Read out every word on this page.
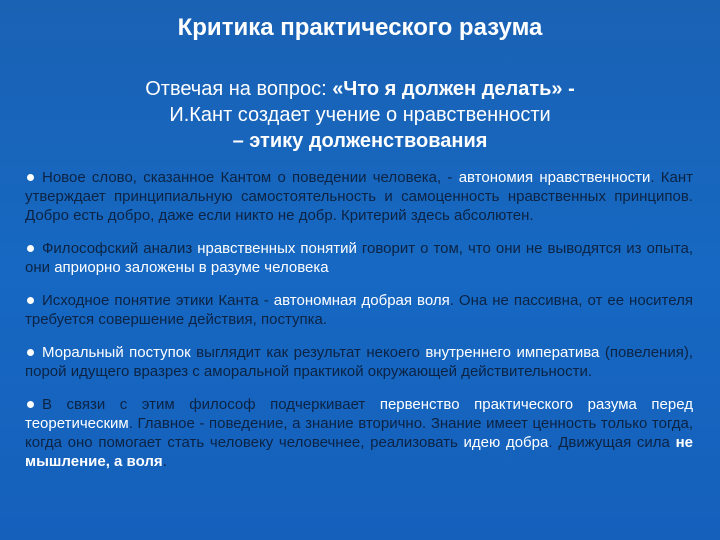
Критика практического разума
Отвечая на вопрос: «Что я должен делать» -
И.Кант создает учение о нравственности
– этику долженствования
Новое слово, сказанное Кантом о поведении человека, - автономия нравственности. Кант утверждает принципиальную самостоятельность и самоценность нравственных принципов. Добро есть добро, даже если никто не добр. Критерий здесь абсолютен.
Философский анализ нравственных понятий говорит о том, что они не выводятся из опыта, они априорно заложены в разуме человека
Исходное понятие этики Канта - автономная добрая воля. Она не пассивна, от ее носителя требуется совершение действия, поступка.
Моральный поступок выглядит как результат некоего внутреннего императива (повеления), порой идущего вразрез с аморальной практикой окружающей действительности.
В связи с этим философ подчеркивает первенство практического разума перед теоретическим. Главное - поведение, а знание вторично. Знание имеет ценность только тогда, когда оно помогает стать человеку человечнее, реализовать идею добра. Движущая сила не мышление, а воля.
